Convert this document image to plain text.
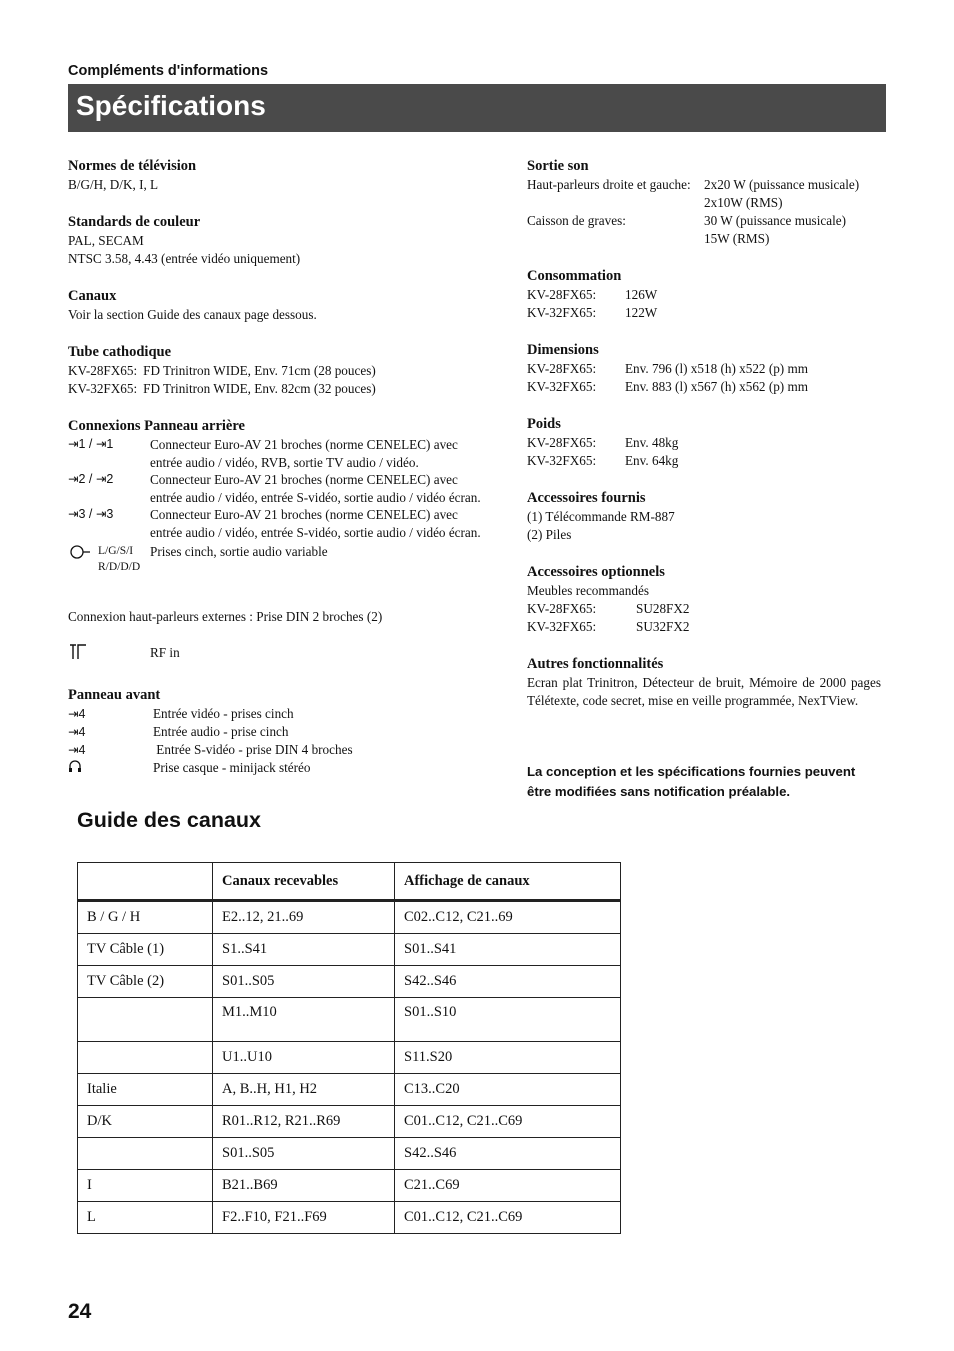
Compléments d'informations
Spécifications
Normes de télévision
B/G/H, D/K, I, L
Standards de couleur
PAL, SECAM
NTSC 3.58, 4.43 (entrée vidéo uniquement)
Canaux
Voir la section Guide des canaux page dessous.
Tube cathodique
KV-28FX65: FD Trinitron WIDE, Env. 71cm (28 pouces)
KV-32FX65: FD Trinitron WIDE, Env. 82cm (32 pouces)
Connexions Panneau arrière
⇥1 / ⇥1	Connecteur Euro-AV 21 broches (norme CENELEC) avec
entrée audio / vidéo, RVB, sortie TV audio / vidéo.
⇥2 / ⇥2	Connecteur Euro-AV 21 broches (norme CENELEC) avec
entrée audio / vidéo, entrée S-vidéo, sortie audio / vidéo écran.
⇥3 / ⇥3	Connecteur Euro-AV 21 broches (norme CENELEC) avec
entrée audio / vidéo, entrée S-vidéo, sortie audio / vidéo écran.
L/G/S/I
R/D/D/D
Prises cinch, sortie audio variable
Connexion haut-parleurs externes : Prise DIN 2 broches (2)
RF in
Panneau avant
⇥4	Entrée vidéo - prises cinch
⇥4	Entrée audio - prise cinch
⇥4	Entrée S-vidéo - prise DIN 4 broches
Prise casque - minijack stéréo
Sortie son
Haut-parleurs droite et gauche:	2x20 W (puissance musicale)
2x10W (RMS)
Caisson de graves:	30 W (puissance musicale)
15W (RMS)
Consommation
KV-28FX65:	126W
KV-32FX65:	122W
Dimensions
KV-28FX65:	Env. 796 (l) x518 (h) x522 (p) mm
KV-32FX65:	Env. 883 (l) x567 (h) x562 (p) mm
Poids
KV-28FX65:	Env. 48kg
KV-32FX65:	Env. 64kg
Accessoires fournis
(1) Télécommande RM-887
(2) Piles
Accessoires optionnels
Meubles recommandés
KV-28FX65:	SU28FX2
KV-32FX65:	SU32FX2
Autres fonctionnalités
Ecran plat Trinitron, Détecteur de bruit, Mémoire de 2000 pages Télétexte, code secret, mise en veille programmée, NexTView.
La conception et les spécifications fournies peuvent
être modifiées sans notification préalable.
Guide des canaux
	Canaux recevables	Affichage de canaux
B / G / H	E2..12, 21..69	C02..C12, C21..69
TV Câble (1)	S1..S41	S01..S41
TV Câble (2)	S01..S05	S42..S46
	M1..M10	S01..S10
	U1..U10	S11.S20
Italie	A, B..H, H1, H2	C13..C20
D/K	R01..R12, R21..R69	C01..C12, C21..C69
	S01..S05	S42..S46
I	B21..B69	C21..C69
L	F2..F10, F21..F69	C01..C12, C21..C69
24
